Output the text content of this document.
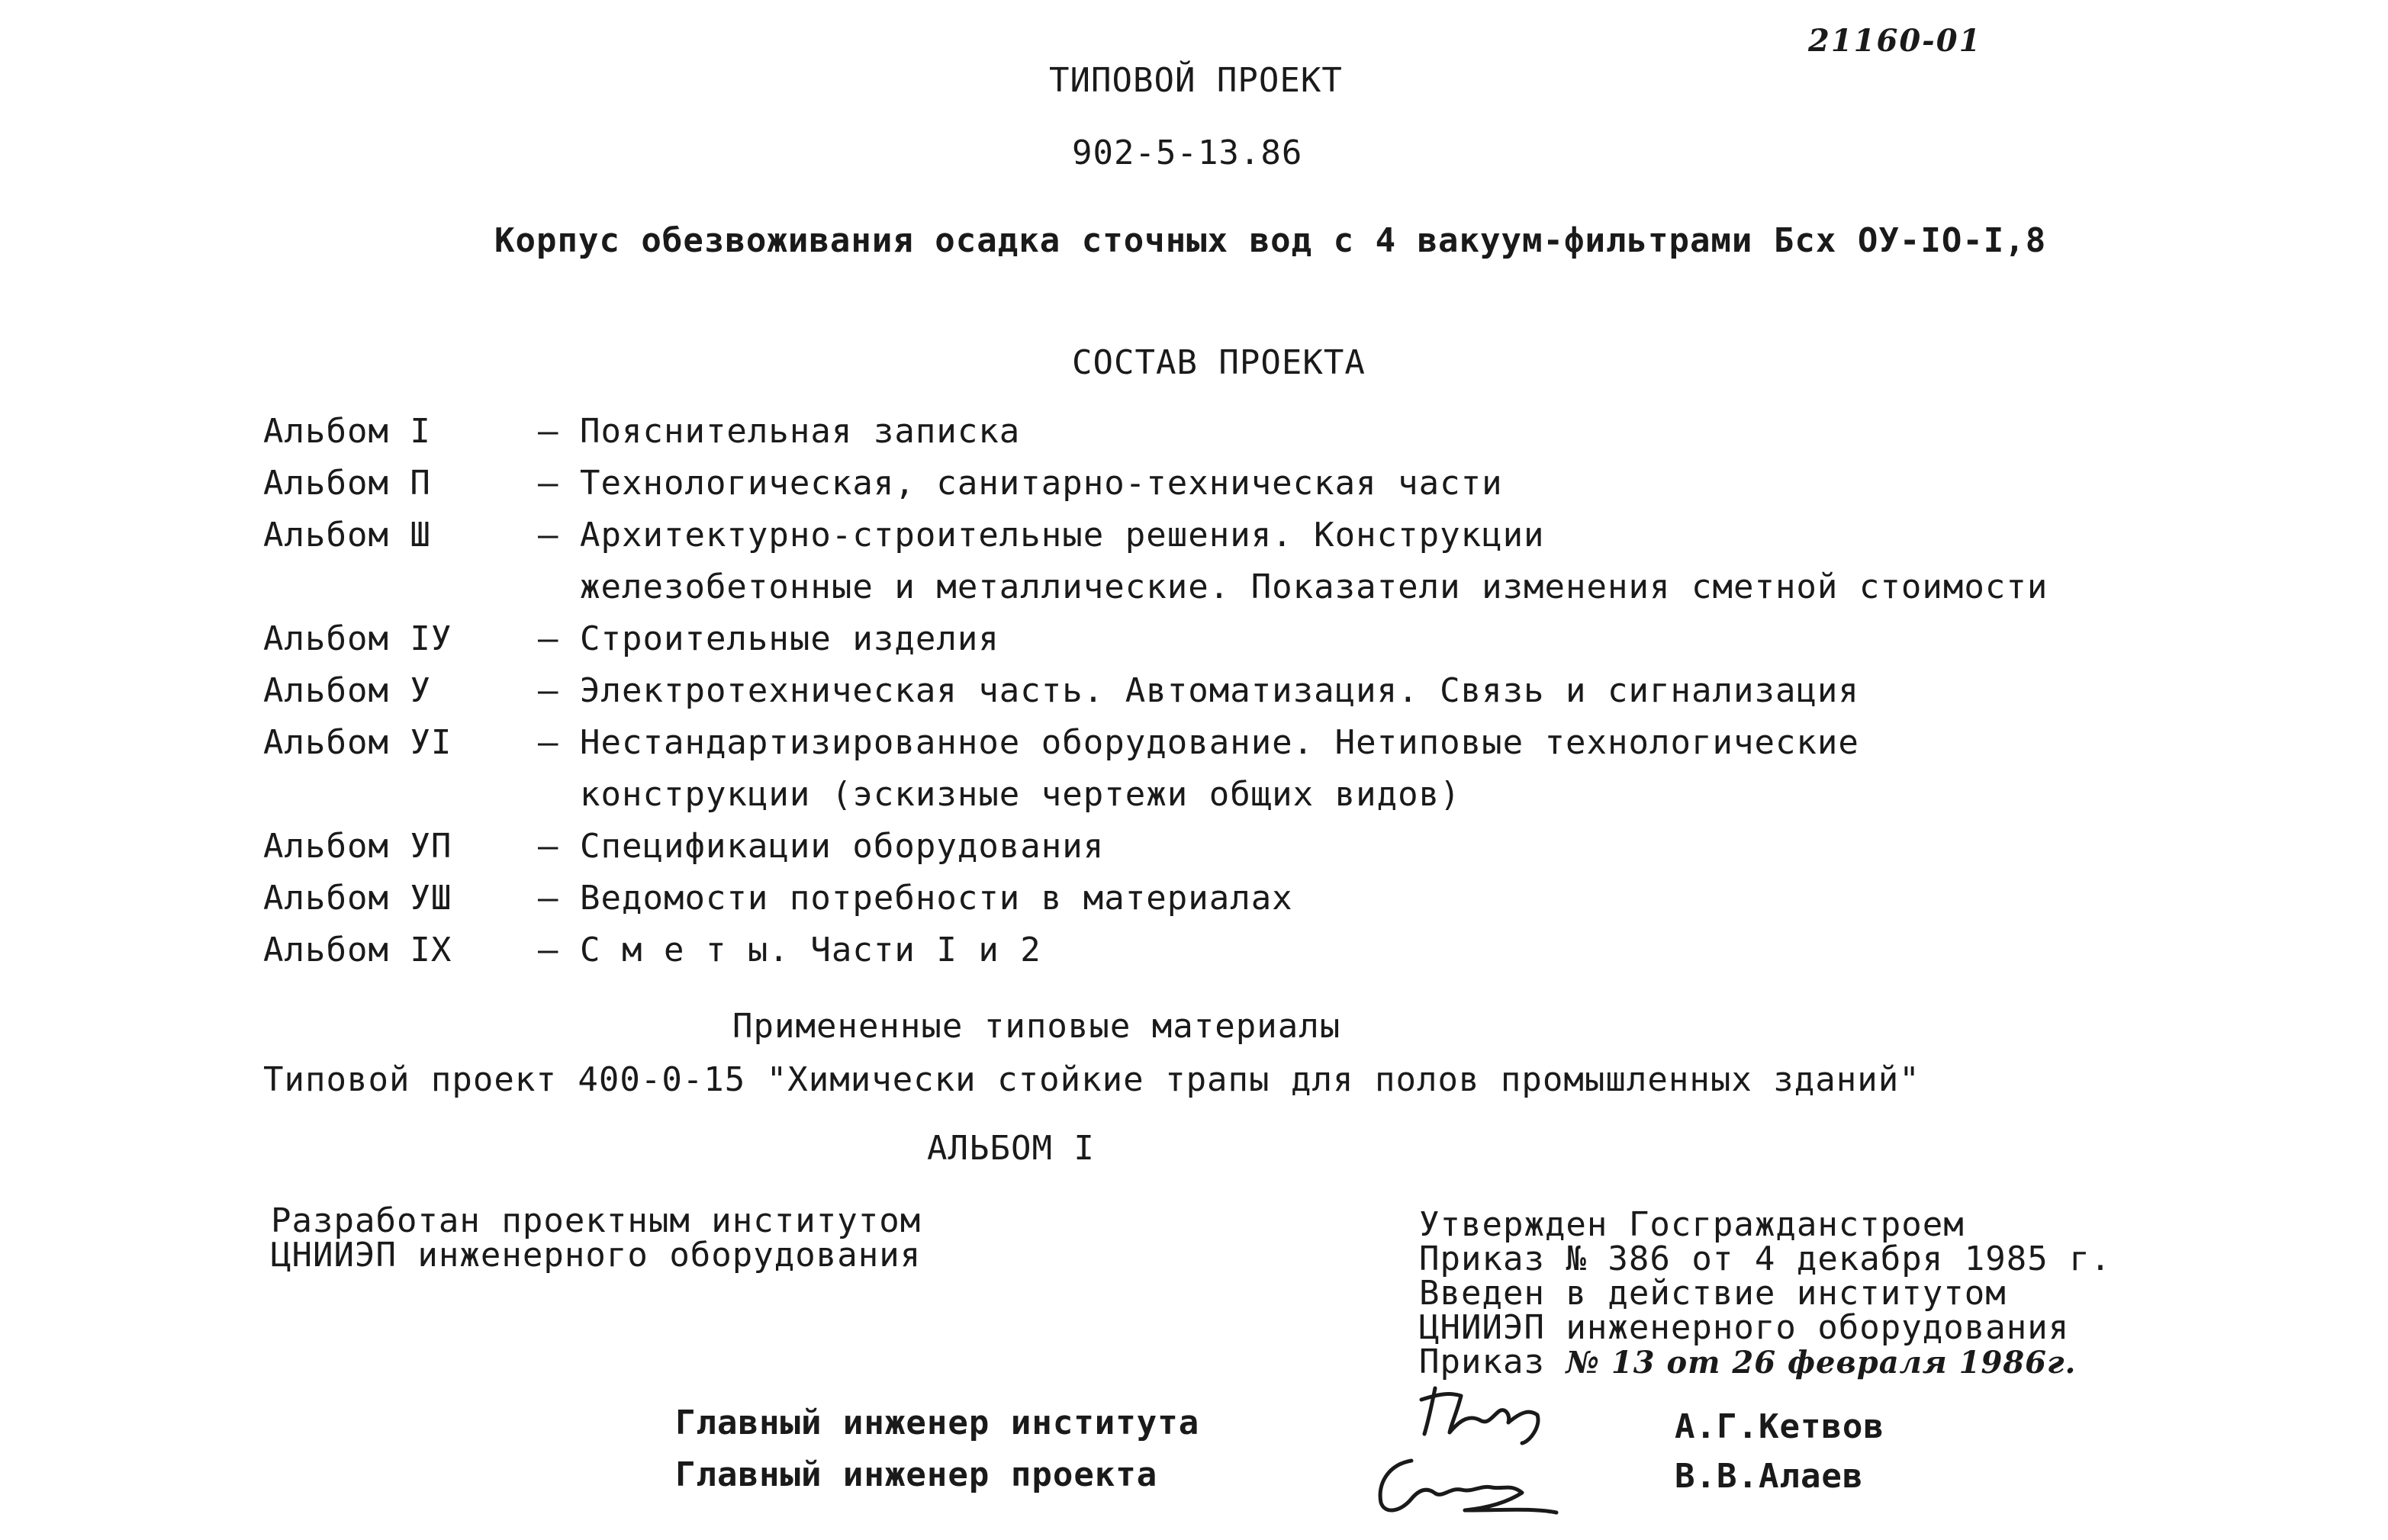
21160-01
ТИПОВОЙ ПРОЕКТ
902-5-13.86
Корпус обезвоживания осадка сточных вод с 4 вакуум-фильтрами Бсх ОУ-IO-I,8
СОСТАВ ПРОЕКТА
Альбом I	– Пояснительная записка
Альбом П	– Технологическая, санитарно-техническая части
Альбом Ш	– Архитектурно-строительные решения. Конструкции
железобетонные и металлические. Показатели изменения сметной стоимости
Альбом IУ	– Строительные изделия
Альбом У	– Электротехническая часть. Автоматизация. Связь и сигнализация
Альбом УI	– Нестандартизированное оборудование. Нетиповые технологические
конструкции (эскизные чертежи общих видов)
Альбом УП	– Спецификации оборудования
Альбом УШ	– Ведомости потребности в материалах
Альбом IX	– С м е т ы. Части I и 2
Примененные типовые материалы
Типовой проект 400-0-15 "Химически стойкие трапы для полов промышленных зданий"
АЛЬБОМ I
Разработан проектным институтом
ЦНИИЭП инженерного оборудования
Утвержден Госгражданстроем
Приказ № 386 от 4 декабря 1985 г.
Введен в действие институтом
ЦНИИЭП инженерного оборудования
Приказ № 13 от 26 февраля 1986г.
Главный инженер института
Главный инженер проекта
А.Г.Кетвов
В.В.Алаев
